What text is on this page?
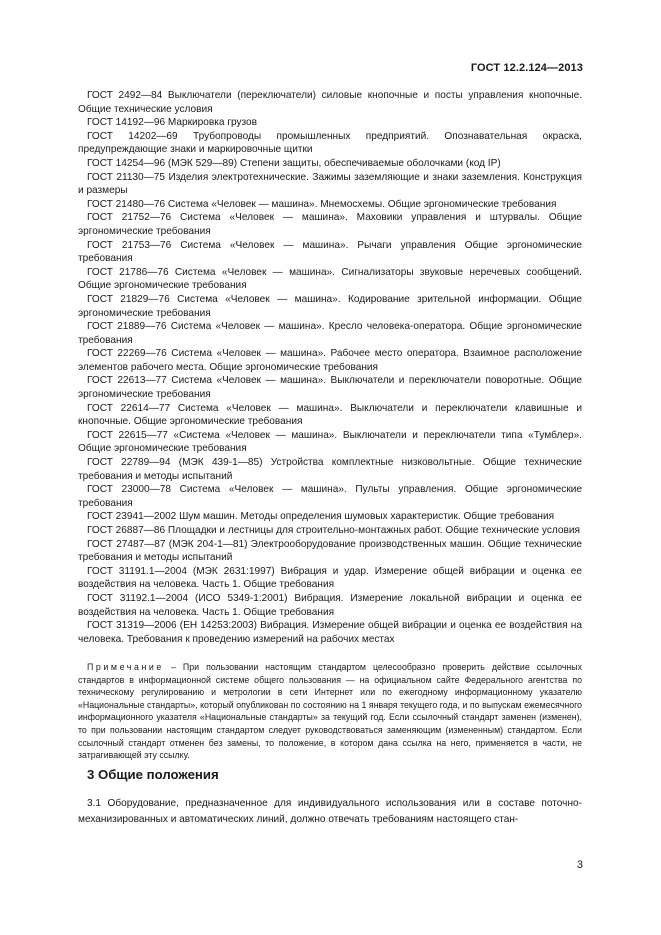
ГОСТ 12.2.124—2013

ГОСТ 2492—84 Выключатели (переключатели) силовые кнопочные и посты управления кнопочные. Общие технические условия

ГОСТ 14192—96 Маркировка грузов

ГОСТ 14202—69 Трубопроводы промышленных предприятий. Опознавательная окраска, предупреждающие знаки и маркировочные щитки

ГОСТ 14254—96 (МЭК 529—89) Степени защиты, обеспечиваемые оболочками (код IP)

ГОСТ 21130—75 Изделия электротехнические. Зажимы заземляющие и знаки заземления. Конструкция и размеры

ГОСТ 21480—76 Система «Человек — машина». Мнемосхемы. Общие эргономические требования

ГОСТ 21752—76 Система «Человек — машина». Маховики управления и штурвалы. Общие эргономические требования

ГОСТ 21753—76 Система «Человек — машина». Рычаги управления Общие эргономические требования

ГОСТ 21786—76 Система «Человек — машина». Сигнализаторы звуковые неречевых сообщений. Общие эргономические требования

ГОСТ 21829—76 Система «Человек — машина». Кодирование зрительной информации. Общие эргономические требования

ГОСТ 21889—76 Система «Человек — машина». Кресло человека-оператора. Общие эргономические требования

ГОСТ 22269—76 Система «Человек — машина». Рабочее место оператора. Взаимное расположение элементов рабочего места. Общие эргономические требования

ГОСТ 22613—77 Система «Человек — машина». Выключатели и переключатели поворотные. Общие эргономические требования

ГОСТ 22614—77 Система «Человек — машина». Выключатели и переключатели клавишные и кнопочные. Общие эргономические требования

ГОСТ 22615—77 «Система «Человек — машина». Выключатели и переключатели типа «Тумблер». Общие эргономические требования

ГОСТ 22789—94 (МЭК 439-1—85) Устройства комплектные низковольтные. Общие технические требования и методы испытаний

ГОСТ 23000—78 Система «Человек — машина». Пульты управления. Общие эргономические требования

ГОСТ 23941—2002 Шум машин. Методы определения шумовых характеристик. Общие требования

ГОСТ 26887—86 Площадки и лестницы для строительно-монтажных работ. Общие технические условия

ГОСТ 27487—87 (МЭК 204-1—81) Электрооборудование производственных машин. Общие технические требования и методы испытаний

ГОСТ 31191.1—2004 (МЭК 2631:1997) Вибрация и удар. Измерение общей вибрации и оценка ее воздействия на человека. Часть 1. Общие требования

ГОСТ 31192.1—2004 (ИСО 5349-1:2001) Вибрация. Измерение локальной вибрации и оценка ее воздействия на человека. Часть 1. Общие требования

ГОСТ 31319—2006 (ЕН 14253:2003) Вибрация. Измерение общей вибрации и оценка ее воздействия на человека. Требования к проведению измерений на рабочих местах

Примечание – При пользовании настоящим стандартом целесообразно проверить действие ссылочных стандартов в информационной системе общего пользования — на официальном сайте Федерального агентства по техническому регулированию и метрологии в сети Интернет или по ежегодному информационному указателю «Национальные стандарты», который опубликован по состоянию на 1 января текущего года, и по выпускам ежемесячного информационного указателя «Национальные стандарты» за текущий год. Если ссылочный стандарт заменен (изменен), то при пользовании настоящим стандартом следует руководствоваться заменяющим (измененным) стандартом. Если ссылочный стандарт отменен без замены, то положение, в котором дана ссылка на него, применяется в части, не затрагивающей эту ссылку.

3 Общие положения

3.1 Оборудование, предназначенное для индивидуального использования или в составе поточно-механизированных и автоматических линий, должно отвечать требованиям настоящего стан-

3
